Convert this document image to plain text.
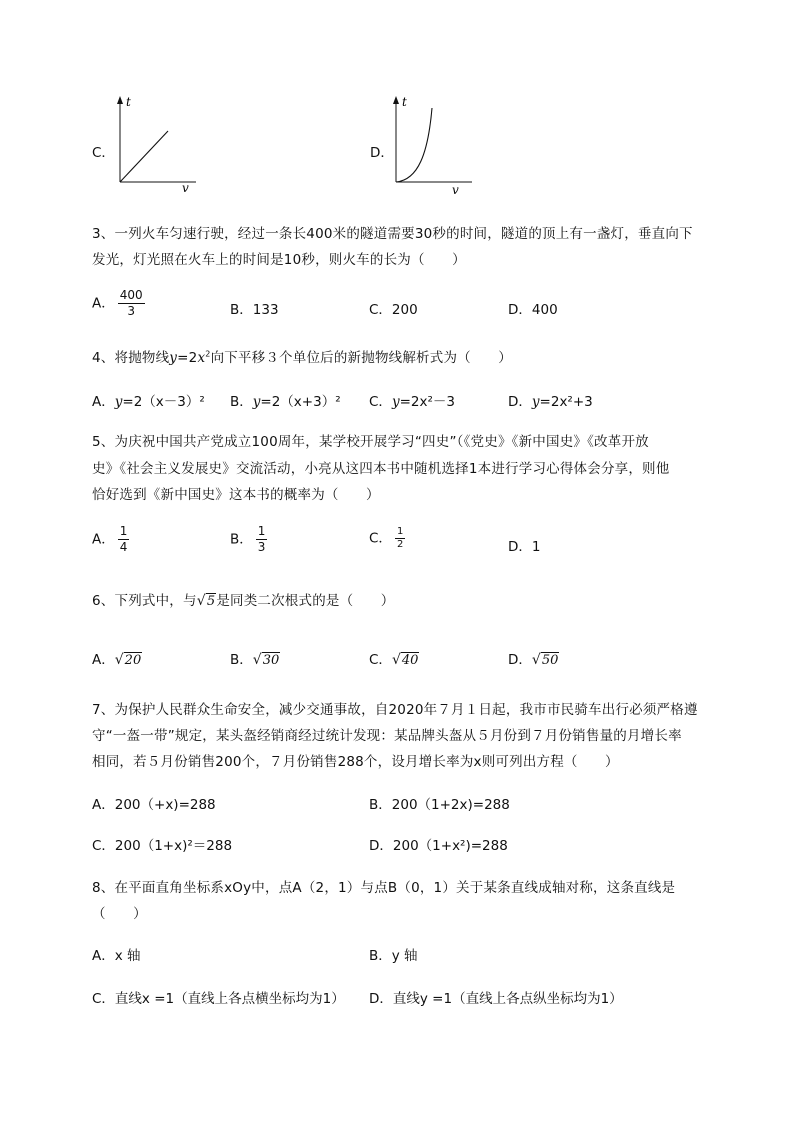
C．
t
v
D．
t
v
3、一列火车匀速行驶，经过一条长400米的隧道需要30秒的时间，隧道的顶上有一盏灯，垂直向下
发光，灯光照在火车上的时间是10秒，则火车的长为（　　）
A． $\frac{400}{3}$	B．133	C．200	D．400
4、将抛物线$y=2x^2$向下平移３个单位后的新抛物线解析式为（　　）
A．y=2（x－3）² B．y=2（x+3）² C．y=2x²－3	D．y=2x²+3
5、为庆祝中国共产党成立100周年，某学校开展学习“四史”（《党史》《新中国史》《改革开放
史》《社会主义发展史》交流活动，小亮从这四本书中随机选择1本进行学习心得体会分享，则他
恰好选到《新中国史》这本书的概率为（　　）
A． $\frac{1}{4}$	B． $\frac{1}{3}$	C． $\frac{1}{2}$	D．1
6、下列式中，与√5是同类二次根式的是（　　）
A．√20	B．√30	C．√40	D．√50
7、为保护人民群众生命安全，减少交通事故，自2020年７月１日起，我市市民骑车出行必须严格遵
守“一盔一带”规定，某头盔经销商经过统计发现：某品牌头盔从５月份到７月份销售量的月增长率
相同，若５月份销售200个，７月份销售288个，设月增长率为x则可列出方程（　　）
A．200（+x)=288	B．200（1+2x)=288
C．200（1+x)²＝288	D．200（1+x²)=288
8、在平面直角坐标系xOy中，点A（2，1）与点B（0，1）关于某条直线成轴对称，这条直线是
（　　）
A．x 轴	B．y 轴
C．直线x =1（直线上各点横坐标均为1） D．直线y =1（直线上各点纵坐标均为1）
